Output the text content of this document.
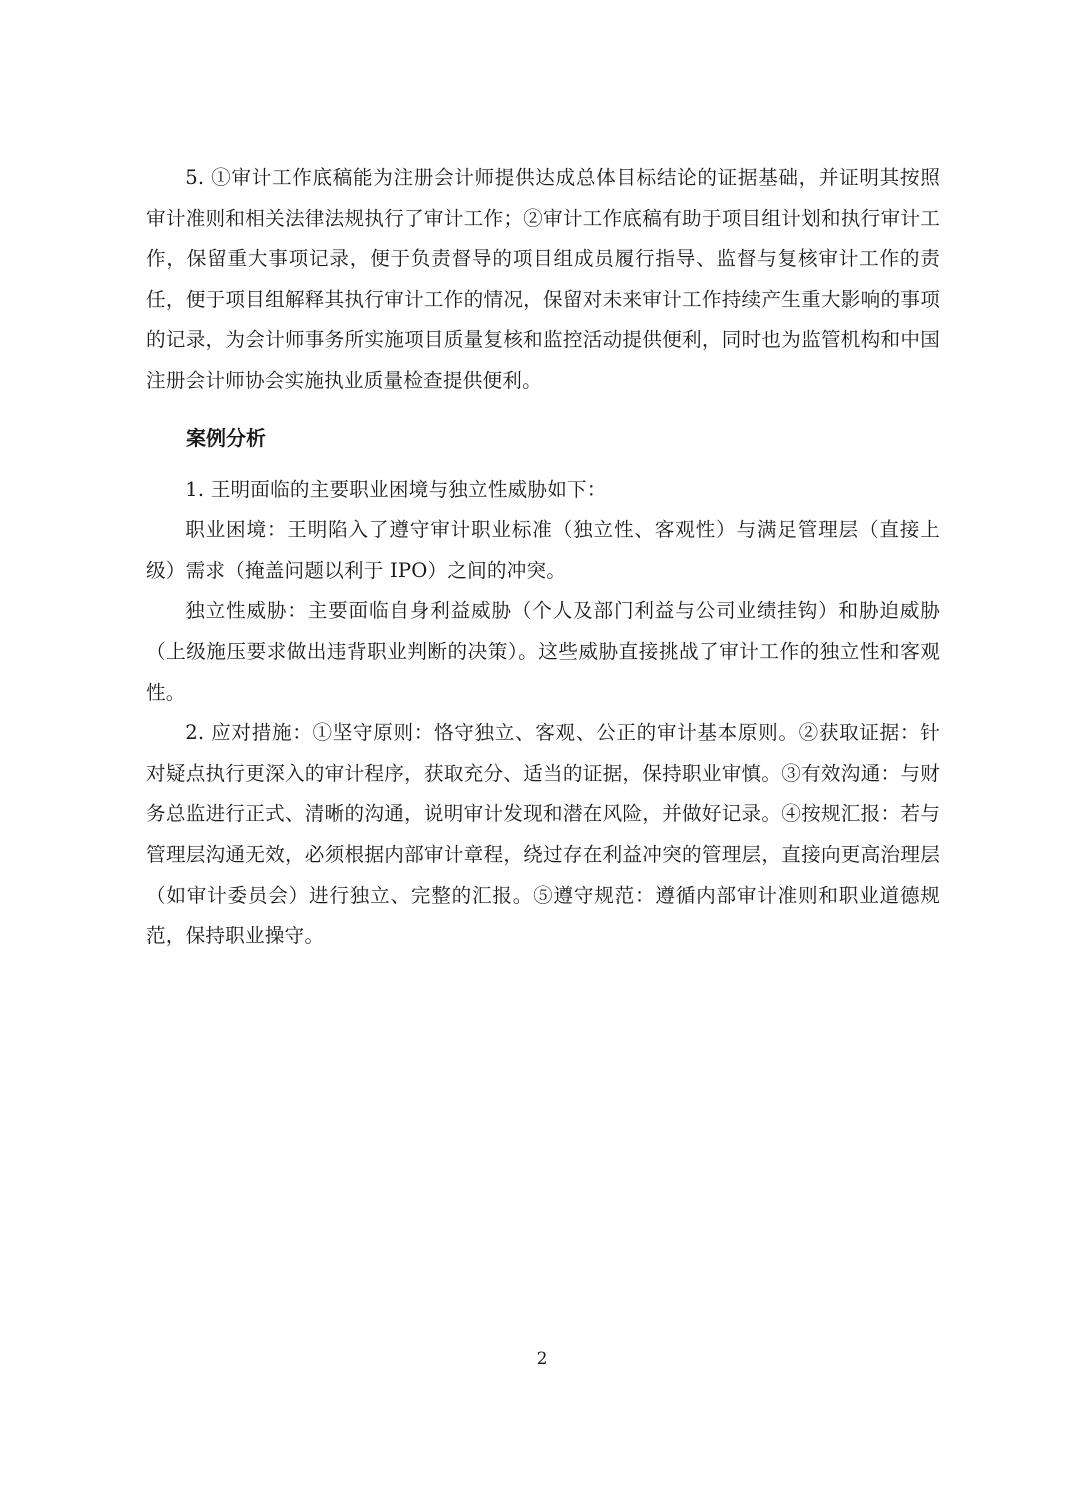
5. ①审计工作底稿能为注册会计师提供达成总体目标结论的证据基础，并证明其按照审计准则和相关法律法规执行了审计工作；②审计工作底稿有助于项目组计划和执行审计工作，保留重大事项记录，便于负责督导的项目组成员履行指导、监督与复核审计工作的责任，便于项目组解释其执行审计工作的情况，保留对未来审计工作持续产生重大影响的事项的记录，为会计师事务所实施项目质量复核和监控活动提供便利，同时也为监管机构和中国注册会计师协会实施执业质量检查提供便利。

案例分析

1. 王明面临的主要职业困境与独立性威胁如下：

职业困境：王明陷入了遵守审计职业标准（独立性、客观性）与满足管理层（直接上级）需求（掩盖问题以利于 IPO）之间的冲突。

独立性威胁：主要面临自身利益威胁（个人及部门利益与公司业绩挂钩）和胁迫威胁（上级施压要求做出违背职业判断的决策）。这些威胁直接挑战了审计工作的独立性和客观性。

2. 应对措施：①坚守原则：恪守独立、客观、公正的审计基本原则。②获取证据：针对疑点执行更深入的审计程序，获取充分、适当的证据，保持职业审慎。③有效沟通：与财务总监进行正式、清晰的沟通，说明审计发现和潜在风险，并做好记录。④按规汇报：若与管理层沟通无效，必须根据内部审计章程，绕过存在利益冲突的管理层，直接向更高治理层（如审计委员会）进行独立、完整的汇报。⑤遵守规范：遵循内部审计准则和职业道德规范，保持职业操守。

2
